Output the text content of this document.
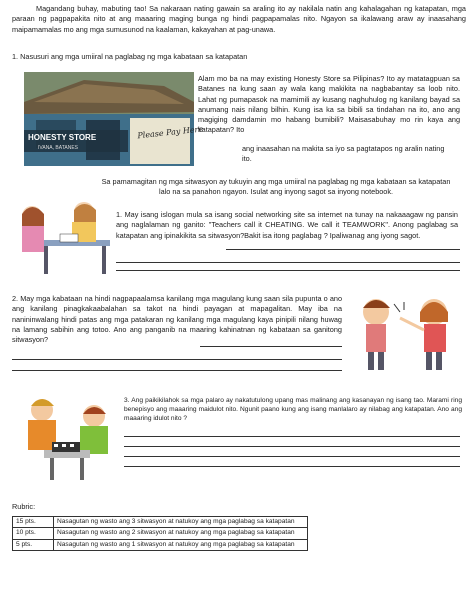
Magandang buhay, mabuting tao! Sa nakaraan nating gawain sa araling ito ay nakilala natin ang kahalagahan ng katapatan, mga paraan ng pagpapakita nito at ang maaaring maging bunga ng hindi pagpapamalas nito. Ngayon sa ikalawang araw ay inaasahang maipamamalas mo ang mga sumusunod na kaalaman, kakayahan at pag-unawa.
1. Nasusuri ang mga umiiral na paglabag ng mga kabataan sa katapatan
HONESTY STORE
IVANA, BATANES
Please Pay Here
Alam mo ba na may existing Honesty Store sa Pilipinas? Ito ay matatagpuan sa Batanes na kung saan ay wala kang makikita na nagbabantay sa loob nito. Lahat ng pumapasok na mamimili ay kusang naghuhulog ng kanilang bayad sa anumang nais nilang bilhin. Kung isa ka sa bibili sa tindahan na ito, ano ang magiging damdamin mo habang bumibili? Maisasabuhay mo rin kaya ang katapatan? Ito
ang inaasahan na makita sa iyo sa pagtatapos ng aralin nating ito.
Sa pamamagitan ng mga sitwasyon ay tukuyin ang mga umiiral na paglabag ng mga kabataan sa katapatan lalo na sa panahon ngayon. Isulat ang inyong sagot sa inyong notebook.
1. May isang islogan mula sa isang social networking site sa internet na tunay na nakaaagaw ng pansin ang naglalaman ng ganito: "Teachers call it CHEATING. We call it TEAMWORK". Anong paglabag sa katapatan ang ipinakikita sa sitwasyon?Bakit isa itong paglabag ? Ipaliwanag ang iyong sagot.
2. May mga kabataan na hindi nagpapaalamsa kanilang mga magulang kung saan sila pupunta o ano ang kanilang pinagkakaabalahan sa takot na hindi payagan at mapagalitan. May iba na nanininwalang hindi patas ang mga patakaran ng kanilang mga magulang kaya pinipili nilang huwag na lamang sabihin ang totoo. Ano ang panganib na maaring kahinatnan ng kabataan sa ganitong sitwasyon?
3. Ang paikikilahok sa mga palaro ay nakatutulong upang mas malinang ang kasanayan ng isang tao. Marami ring benepisyo ang maaaring maidulot nito. Ngunit paano kung ang isang manlalaro ay nilabag ang katapatan. Ano ang maaaring idulot nito ?
Rubric:
15 pts.	Nasagutan ng wasto ang 3 sitwasyon at natukoy ang mga paglabag sa katapatan
10 pts.	Nasagutan ng wasto ang 2 sitwasyon at natukoy ang mga paglabag sa katapatan
5 pts.	Nasagutan ng wasto ang 1 sitwasyon at natukoy ang mga paglabag sa katapatan
